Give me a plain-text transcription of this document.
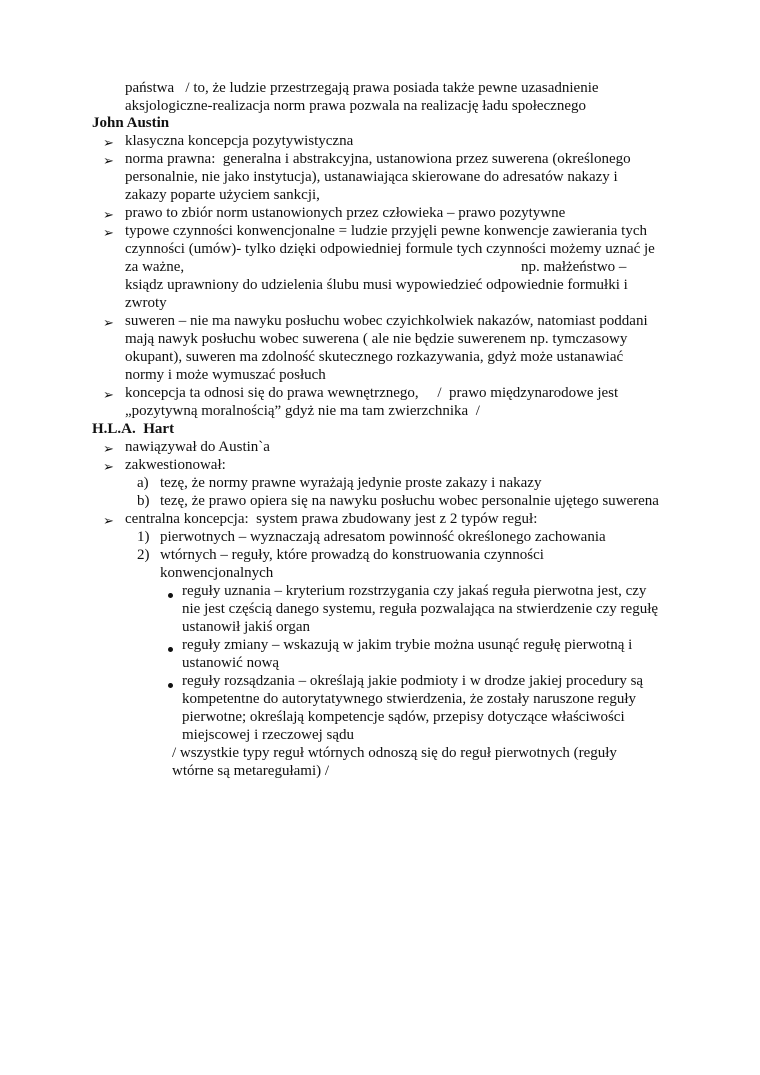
państwa   / to, że ludzie przestrzegają prawa posiada także pewne uzasadnienie
aksjologiczne-realizacja norm prawa pozwala na realizację ładu społecznego
John Austin
klasyczna koncepcja pozytywistyczna
➢
norma prawna:  generalna i abstrakcyjna, ustanowiona przez suwerena (określonego
➢
personalnie, nie jako instytucja), ustanawiająca skierowane do adresatów nakazy i
zakazy poparte użyciem sankcji,
prawo to zbiór norm ustanowionych przez człowieka – prawo pozytywne
➢
typowe czynności konwencjonalne = ludzie przyjęli pewne konwencje zawierania tych
➢
czynności (umów)- tylko dzięki odpowiedniej formule tych czynności możemy uznać je
za ważne,	np. małżeństwo –
ksiądz uprawniony do udzielenia ślubu musi wypowiedzieć odpowiednie formułki i
zwroty
suweren – nie ma nawyku posłuchu wobec czyichkolwiek nakazów, natomiast poddani
➢
mają nawyk posłuchu wobec suwerena ( ale nie będzie suwerenem np. tymczasowy
okupant), suweren ma zdolność skutecznego rozkazywania, gdyż może ustanawiać
normy i może wymuszać posłuch
koncepcja ta odnosi się do prawa wewnętrznego,     /  prawo międzynarodowe jest
➢
„pozytywną moralnością” gdyż nie ma tam zwierzchnika  /
H.L.A.  Hart
nawiązywał do Austin`a
➢
zakwestionował:
➢
tezę, że normy prawne wyrażają jedynie proste zakazy i nakazy
a)
tezę, że prawo opiera się na nawyku posłuchu wobec personalnie ujętego suwerena
b)
centralna koncepcja:  system prawa zbudowany jest z 2 typów reguł:
➢
pierwotnych – wyznaczają adresatom powinność określonego zachowania
1)
wtórnych – reguły, które prowadzą do konstruowania czynności
2)
konwencjonalnych
reguły uznania – kryterium rozstrzygania czy jakaś reguła pierwotna jest, czy
nie jest częścią danego systemu, reguła pozwalająca na stwierdzenie czy regułę
ustanowił jakiś organ
reguły zmiany – wskazują w jakim trybie można usunąć regułę pierwotną i
ustanowić nową
reguły rozsądzania – określają jakie podmioty i w drodze jakiej procedury są
kompetentne do autorytatywnego stwierdzenia, że zostały naruszone reguły
pierwotne; określają kompetencje sądów, przepisy dotyczące właściwości
miejscowej i rzeczowej sądu
/ wszystkie typy reguł wtórnych odnoszą się do reguł pierwotnych (reguły
wtórne są metaregułami) /
